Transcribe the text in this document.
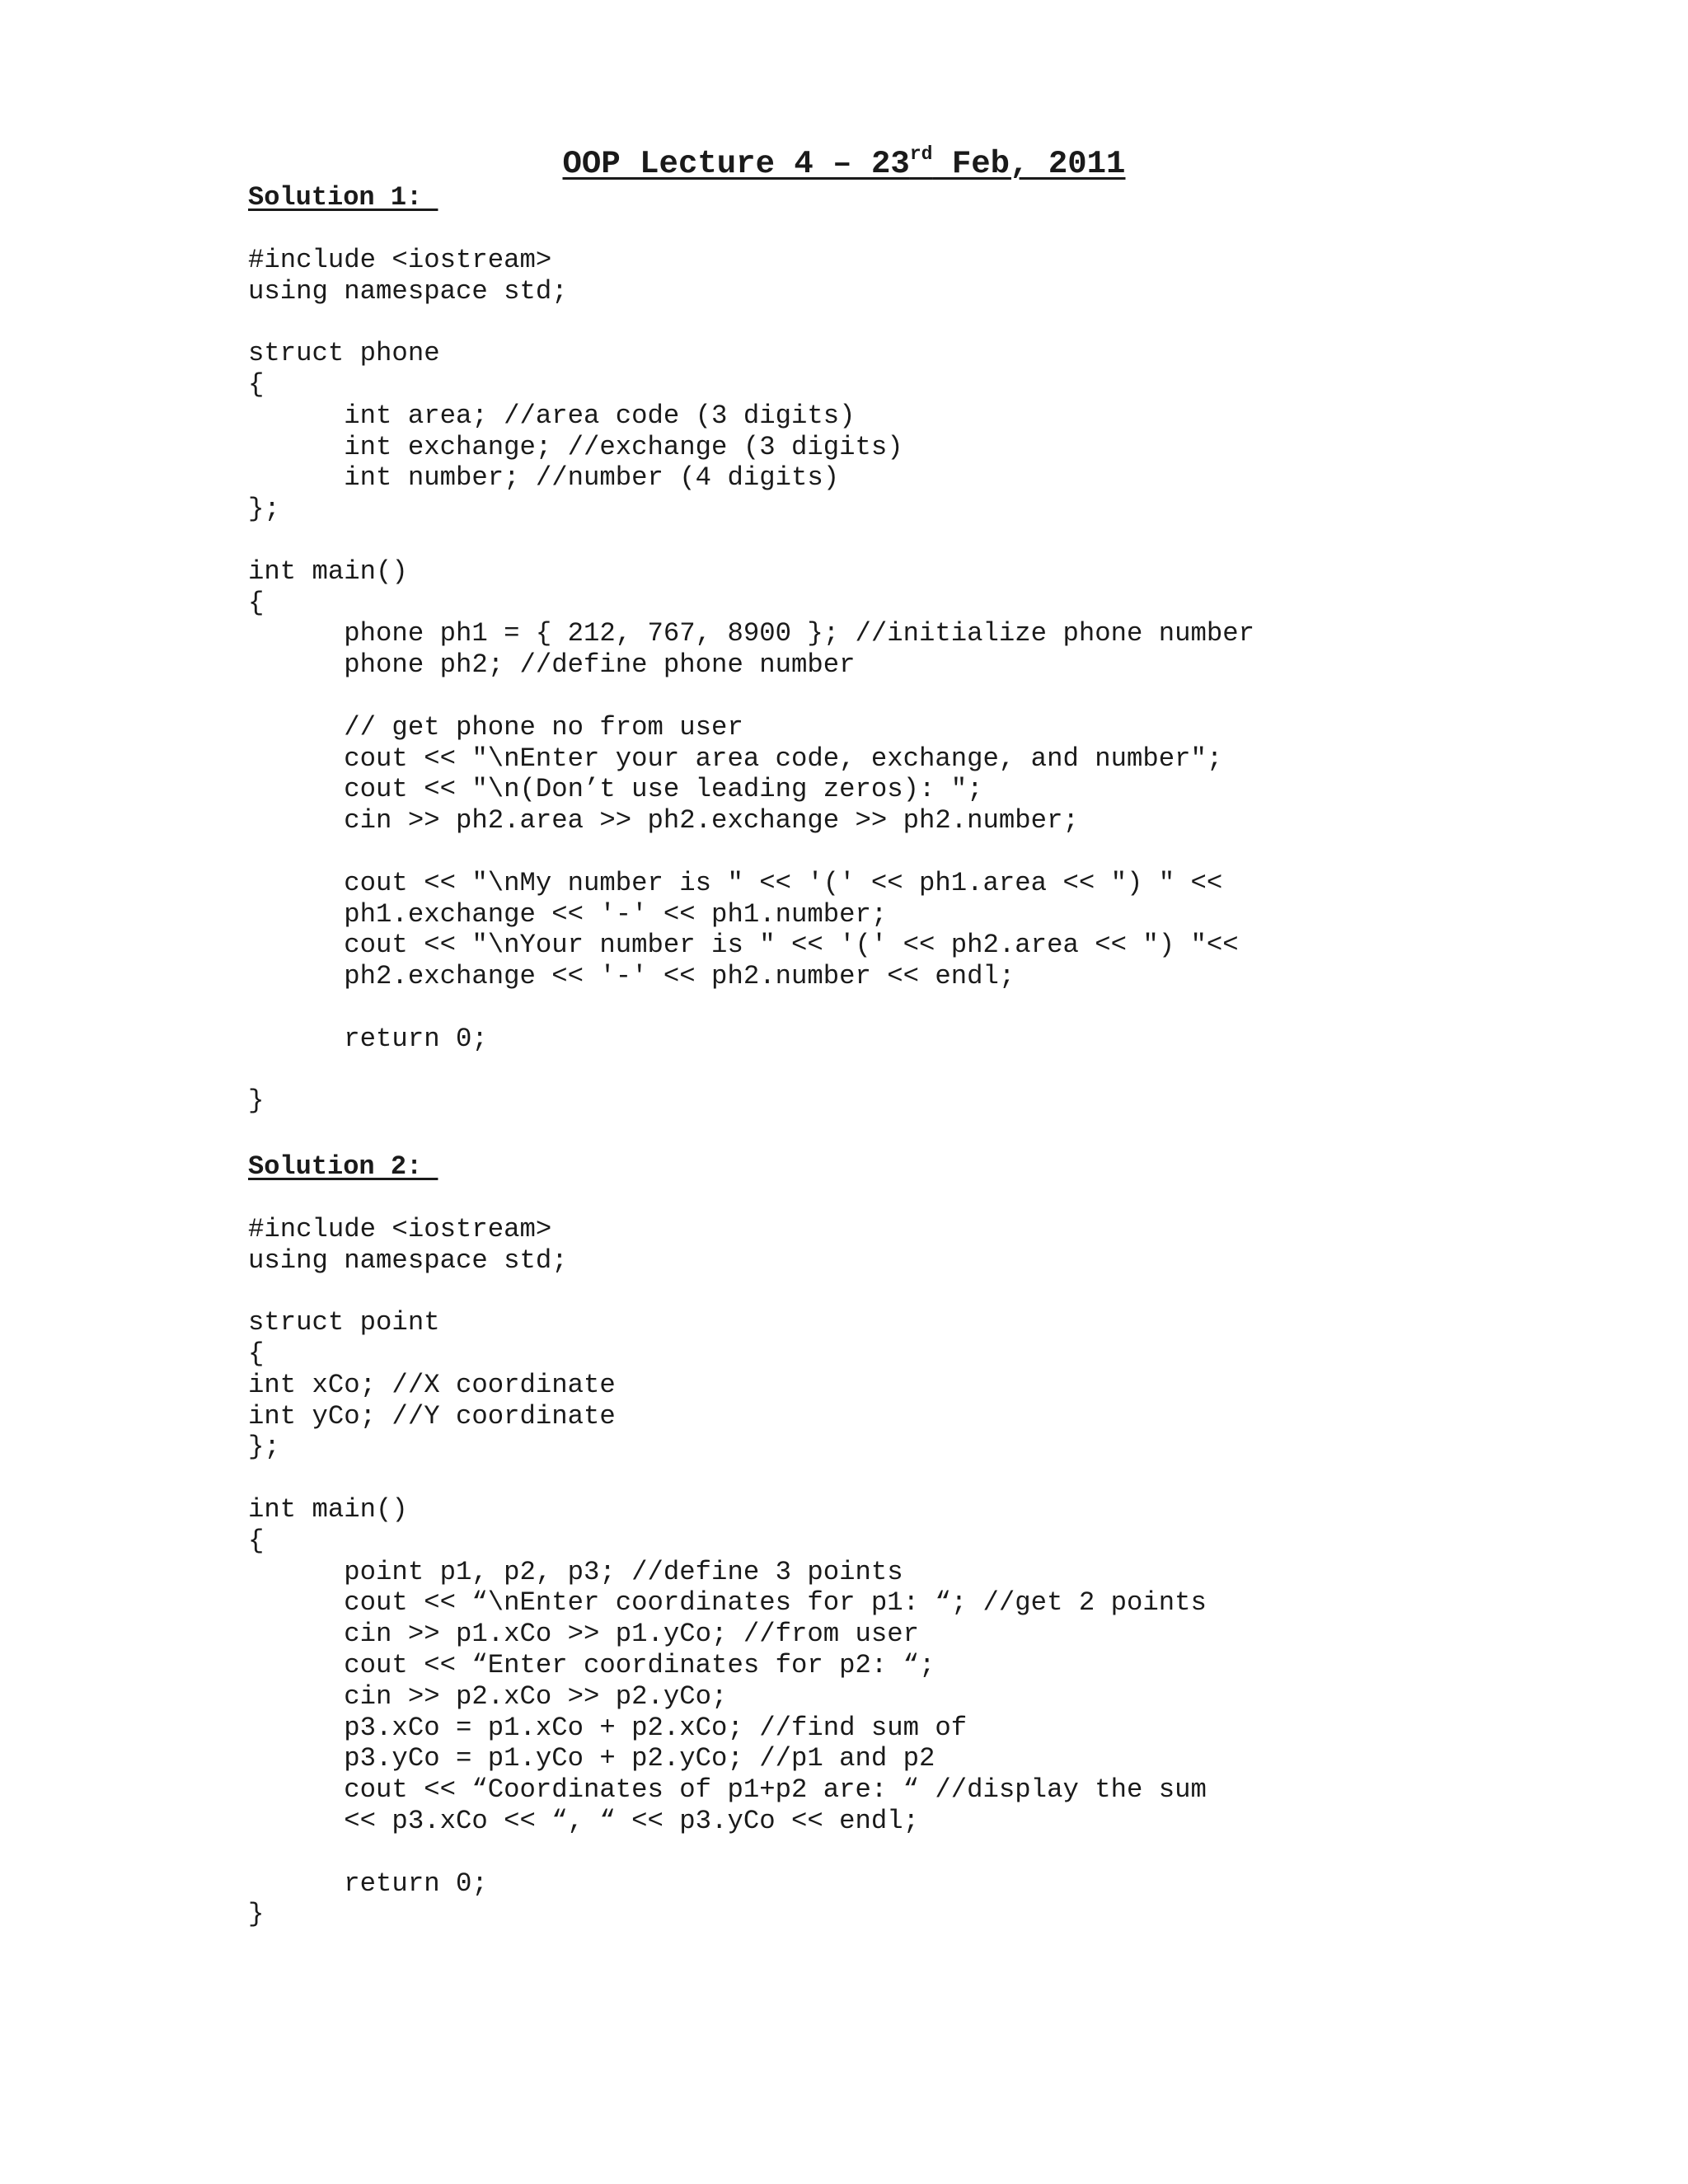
OOP Lecture 4 – 23rd Feb, 2011
Solution 1:
#include <iostream>
using namespace std;

struct phone
{
int area; //area code (3 digits)
int exchange; //exchange (3 digits)
int number; //number (4 digits)
};

int main()
{
phone ph1 = { 212, 767, 8900 }; //initialize phone number
phone ph2; //define phone number

// get phone no from user
cout << "\nEnter your area code, exchange, and number";
cout << "\n(Don’t use leading zeros): ";
cin >> ph2.area >> ph2.exchange >> ph2.number;

cout << "\nMy number is " << '(' << ph1.area << ") " <<
ph1.exchange << '-' << ph1.number;
cout << "\nYour number is " << '(' << ph2.area << ") "<<
ph2.exchange << '-' << ph2.number << endl;

return 0;

}
Solution 2:
#include <iostream>
using namespace std;

struct point
{
int xCo; //X coordinate
int yCo; //Y coordinate
};

int main()
{
point p1, p2, p3; //define 3 points
cout << “\nEnter coordinates for p1: “; //get 2 points
cin >> p1.xCo >> p1.yCo; //from user
cout << “Enter coordinates for p2: “;
cin >> p2.xCo >> p2.yCo;
p3.xCo = p1.xCo + p2.xCo; //find sum of
p3.yCo = p1.yCo + p2.yCo; //p1 and p2
cout << “Coordinates of p1+p2 are: “ //display the sum
<< p3.xCo << “, “ << p3.yCo << endl;

return 0;
}
